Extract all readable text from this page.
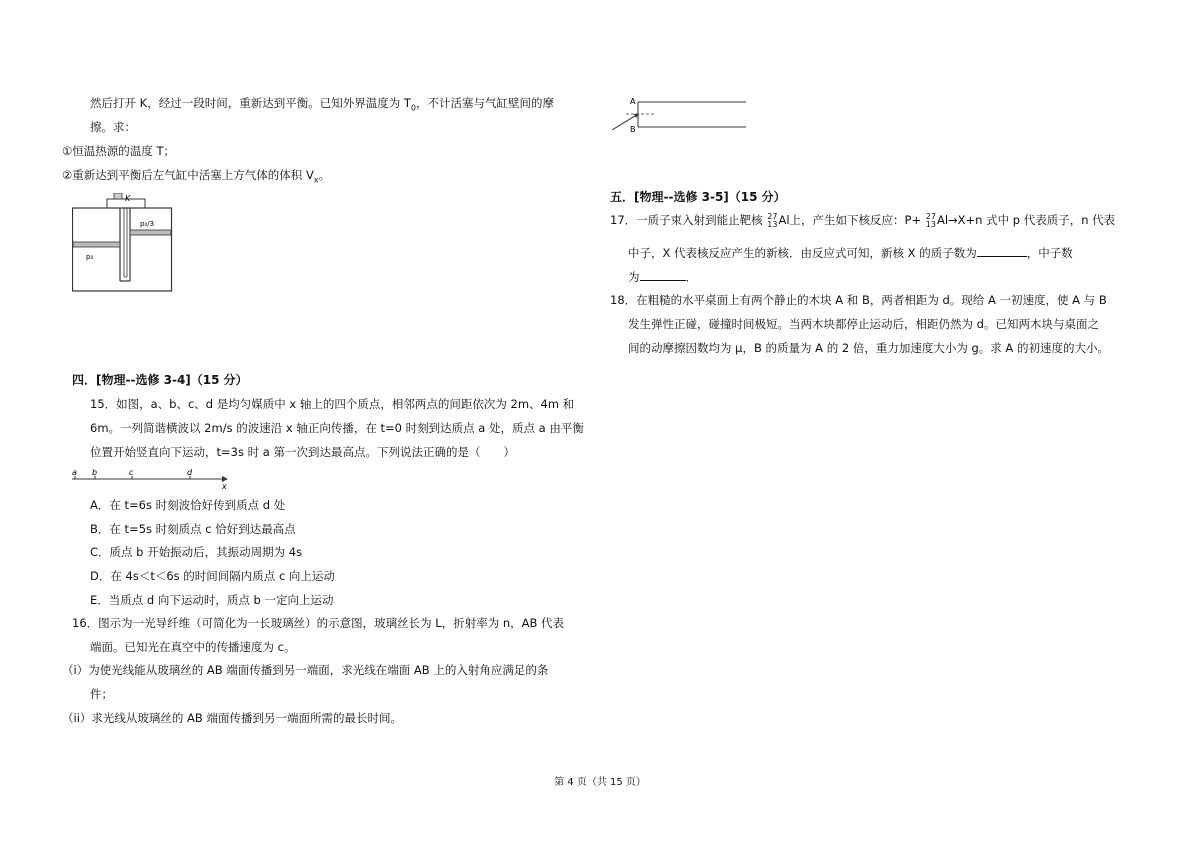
然后打开 K，经过一段时间，重新达到平衡。已知外界温度为 $T_0$，不计活塞与气缸壁间的摩
擦。求：
①恒温热源的温度 T；
②重新达到平衡后左气缸中活塞上方气体的体积 $V_x$。
K
p₀/3
p₀
四．[物理--选修 3-4]（15 分）
15．如图，a、b、c、d 是均匀媒质中 x 轴上的四个质点，相邻两点的间距依次为 2m、4m 和
6m。一列简谐横波以 2m/s 的波速沿 x 轴正向传播，在 t=0 时刻到达质点 a 处，质点 a 由平衡
位置开始竖直向下运动，t=3s 时 a 第一次到达最高点。下列说法正确的是（　　）
a b	c	d
x
A．在 t=6s 时刻波恰好传到质点 d 处
B．在 t=5s 时刻质点 c 恰好到达最高点
C．质点 b 开始振动后，其振动周期为 4s
D．在 4s＜t＜6s 的时间间隔内质点 c 向上运动
E．当质点 d 向下运动时，质点 b 一定向上运动
16．图示为一光导纤维（可简化为一长玻璃丝）的示意图，玻璃丝长为 L，折射率为 n，AB 代表
端面。已知光在真空中的传播速度为 c。
（i）为使光线能从玻璃丝的 AB 端面传播到另一端面，求光线在端面 AB 上的入射角应满足的条
件；
（ii）求光线从玻璃丝的 AB 端面传播到另一端面所需的最长时间。
A
B
五．[物理--选修 3-5]（15 分）
17．一质子束入射到能止靶核 27
13Al上，产生如下核反应：P+ 27
13Al→X+n 式中 p 代表质子，n 代表
中子，X 代表核反应产生的新核．由反应式可知，新核 X 的质子数为	，中子数
为	．
18．在粗糙的水平桌面上有两个静止的木块 A 和 B，两者相距为 d。现给 A 一初速度，使 A 与 B
发生弹性正碰，碰撞时间极短。当两木块都停止运动后，相距仍然为 d。已知两木块与桌面之
间的动摩擦因数均为 μ，B 的质量为 A 的 2 倍，重力加速度大小为 g。求 A 的初速度的大小。
第 4 页（共 15 页）
